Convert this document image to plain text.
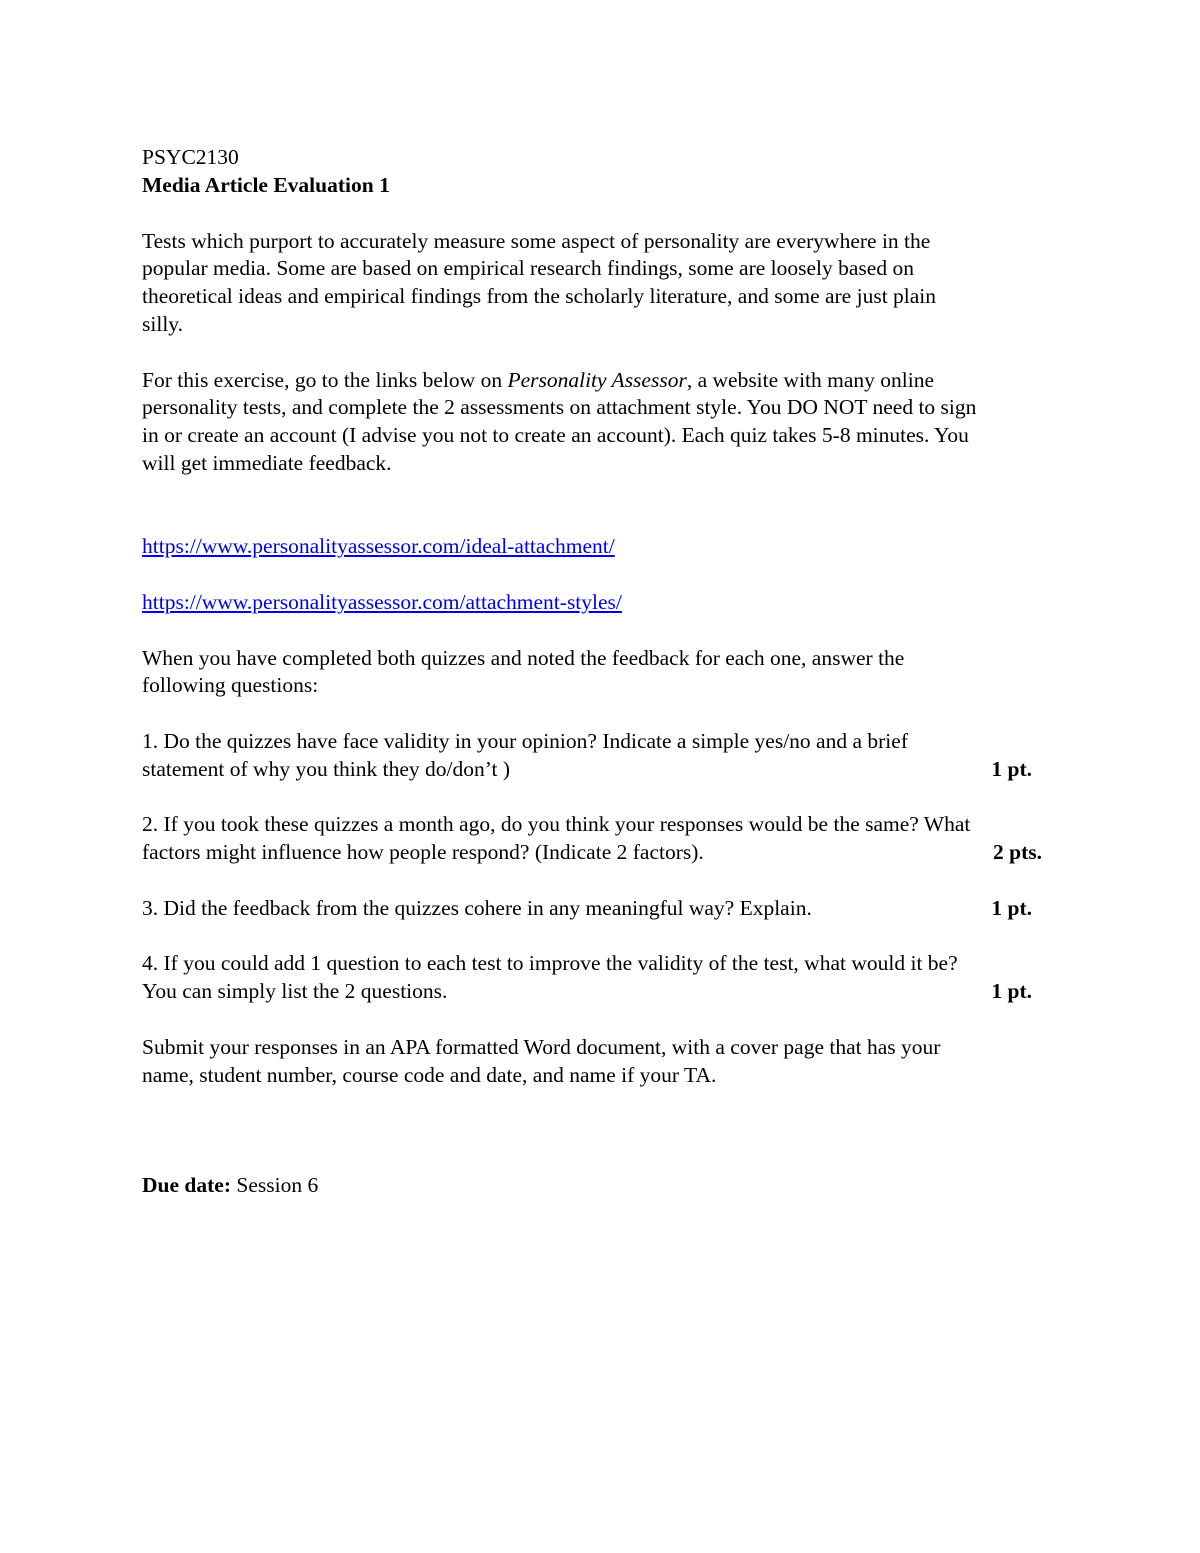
PSYC2130
Media Article Evaluation 1
Tests which purport to accurately measure some aspect of personality are everywhere in the
popular media. Some are based on empirical research findings, some are loosely based on
theoretical ideas and empirical findings from the scholarly literature, and some are just plain
silly.
For this exercise, go to the links below on Personality Assessor, a website with many online
personality tests, and complete the 2 assessments on attachment style. You DO NOT need to sign
in or create an account (I advise you not to create an account). Each quiz takes 5-8 minutes. You
will get immediate feedback.
https://www.personalityassessor.com/ideal-attachment/
https://www.personalityassessor.com/attachment-styles/
When you have completed both quizzes and noted the feedback for each one, answer the
following questions:
1. Do the quizzes have face validity in your opinion? Indicate a simple yes/no and a brief
statement of why you think they do/don’t )	1 pt.
2. If you took these quizzes a month ago, do you think your responses would be the same? What
factors might influence how people respond? (Indicate 2 factors).	2 pts.
3. Did the feedback from the quizzes cohere in any meaningful way? Explain.	1 pt.
4. If you could add 1 question to each test to improve the validity of the test, what would it be?
You can simply list the 2 questions.	1 pt.
Submit your responses in an APA formatted Word document, with a cover page that has your
name, student number, course code and date, and name if your TA.
Due date: Session 6
